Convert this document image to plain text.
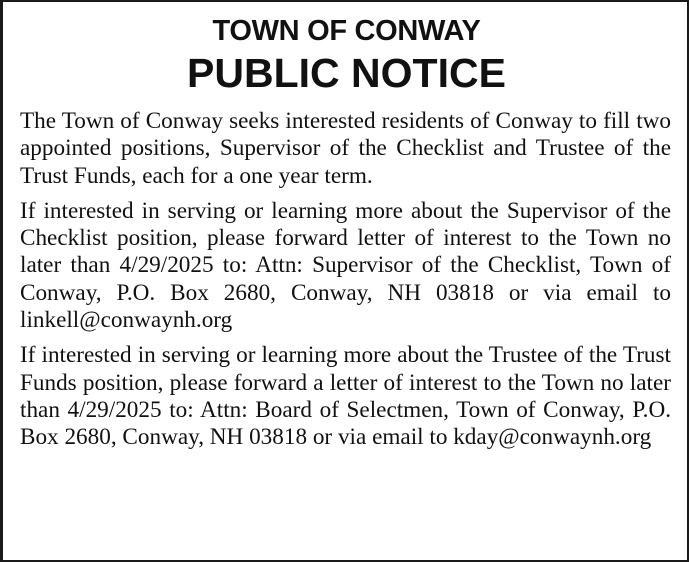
TOWN OF CONWAY
PUBLIC NOTICE

The Town of Conway seeks interested residents of Conway to fill two appointed positions, Supervisor of the Checklist and Trustee of the Trust Funds, each for a one year term.

If interested in serving or learning more about the Supervisor of the Checklist position, please forward letter of interest to the Town no later than 4/29/2025 to: Attn: Supervisor of the Checklist, Town of Conway, P.O. Box 2680, Conway, NH 03818 or via email to linkell@conwaynh.org

If interested in serving or learning more about the Trustee of the Trust Funds position, please forward a letter of interest to the Town no later than 4/29/2025 to: Attn: Board of Selectmen, Town of Conway, P.O. Box 2680, Conway, NH 03818 or via email to kday@conwaynh.org
